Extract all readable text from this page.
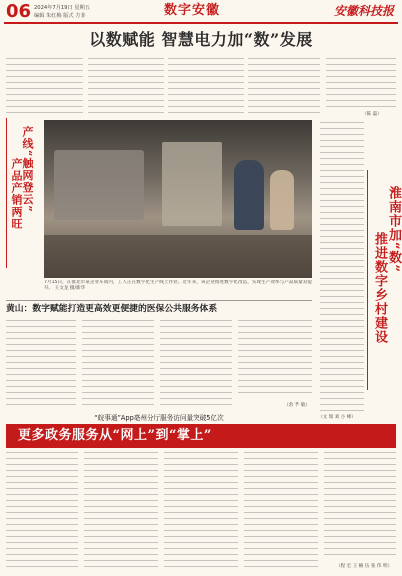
06 2024年7月19日 星期五
编辑 朱红梅 版式 方菲	数字安徽	安徽科技报
以数赋能 智慧电力加“数”发展
（陈 磊）
产线“触网登云”
产品产销两旺
7月15日，在淮北市某企业车间内，工人正在数字化生产线上作业。近年来，该企业推进数字化改造，实现生产效率与产品质量双提升。 王文龙 摄/新华
淮南市加“数”
推进数字乡村建设
（文 瑞 刘 小 峰）
黄山：数字赋能打造更高效更便捷的医保公共服务体系
（余 芊 敏）
“皖事通”App亳州分厅服务访问量突破5亿次
更多政务服务从“网上”到“掌上”
（程 宏 王 楠 伍 张 伟 明）
